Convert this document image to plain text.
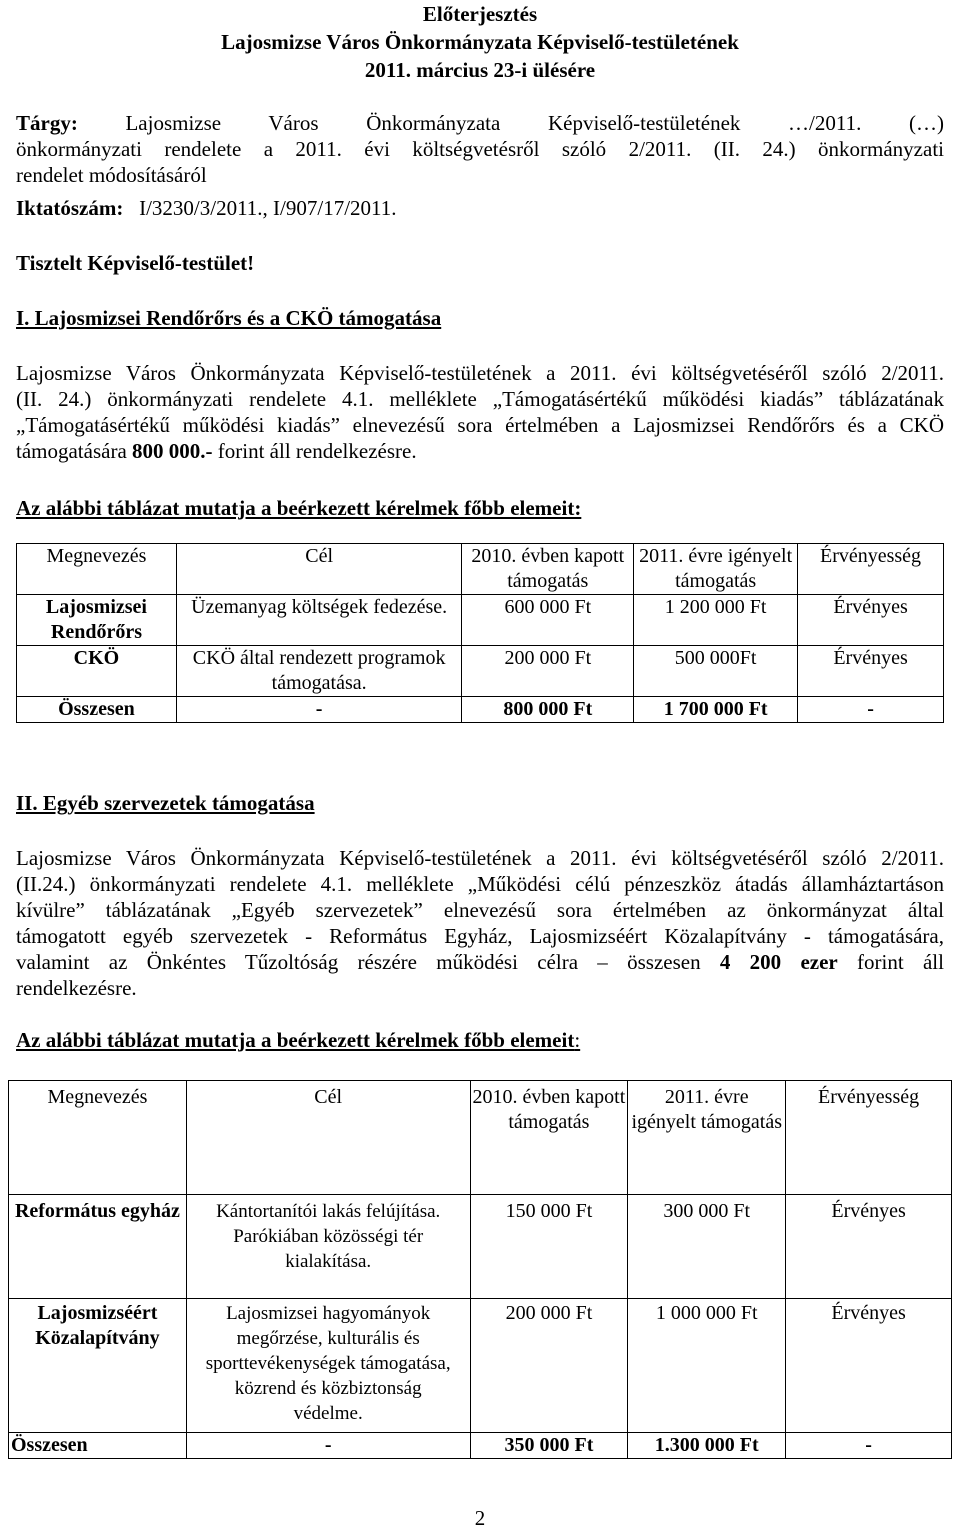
Előterjesztés
Lajosmizse Város Önkormányzata Képviselő-testületének
2011. március 23-i ülésére

Tárgy: Lajosmizse Város Önkormányzata Képviselő-testületének …/2011. (…)

önkormányzati rendelete a 2011. évi költségvetésről szóló 2/2011. (II. 24.) önkormányzati

rendelet módosításáról

Iktatószám: I/3230/3/2011., I/907/17/2011.
Tisztelt Képviselő-testület!
I. Lajosmizsei Rendőrőrs és a CKÖ támogatása

Lajosmizse Város Önkormányzata Képviselő-testületének a 2011. évi költségvetéséről szóló 2/2011.

(II. 24.) önkormányzati rendelete 4.1. melléklete „Támogatásértékű működési kiadás” táblázatának

„Támogatásértékű működési kiadás” elnevezésű sora értelmében a Lajosmizsei Rendőrőrs és a CKÖ

támogatására 800 000.- forint áll rendelkezésre.

Az alábbi táblázat mutatja a beérkezett kérelmek főbb elemeit:
Megnevezés	Cél	2010. évben kapott támogatás	2011. évre igényelt támogatás	Érvényesség
Lajosmizsei Rendőrőrs	Üzemanyag költségek fedezése.	600 000 Ft	1 200 000 Ft	Érvényes
CKÖ	CKÖ által rendezett programok támogatása.	200 000 Ft	500 000Ft	Érvényes
Összesen	-	800 000 Ft	1 700 000 Ft	-
II. Egyéb szervezetek támogatása

Lajosmizse Város Önkormányzata Képviselő-testületének a 2011. évi költségvetéséről szóló 2/2011.

(II.24.) önkormányzati rendelete 4.1. melléklete „Működési célú pénzeszköz átadás államháztartáson

kívülre” táblázatának „Egyéb szervezetek” elnevezésű sora értelmében az önkormányzat által

támogatott egyéb szervezetek - Református Egyház, Lajosmizséért Közalapítvány - támogatására,

valamint az Önkéntes Tűzoltóság részére működési célra – összesen 4 200 ezer forint áll

rendelkezésre.

Az alábbi táblázat mutatja a beérkezett kérelmek főbb elemeit:
Megnevezés	Cél	2010. évben kapott támogatás	2011. évre igényelt támogatás	Érvényesség
Református egyház	Kántortanítói lakás felújítása. Parókiában közösségi tér kialakítása.	150 000 Ft	300 000 Ft	Érvényes
Lajosmizséért Közalapítvány	Lajosmizsei hagyományok megőrzése, kulturális és sporttevékenységek támogatása, közrend és közbiztonság védelme.	200 000 Ft	1 000 000 Ft	Érvényes
Összesen	-	350 000 Ft	1.300 000 Ft	-
2
